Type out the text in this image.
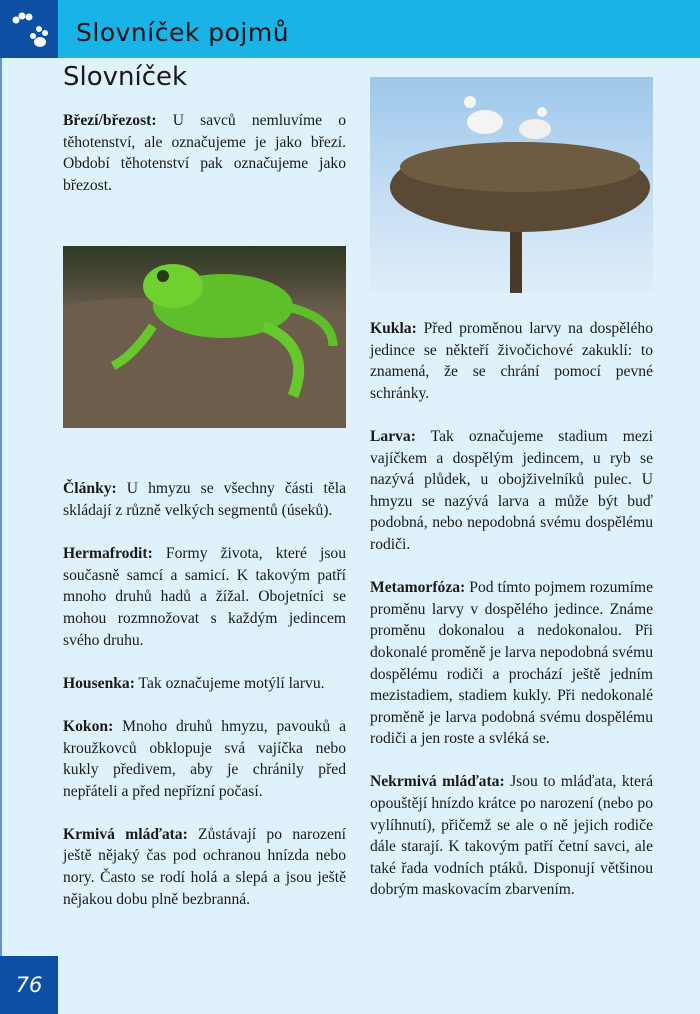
Slovníček pojmů
Slovníček

Březí/březost: U savců nemluvíme o těhotenství, ale označujeme je jako březí. Období těhotenství pak označujeme jako březost.

Články: U hmyzu se všechny části těla skládají z různě velkých segmentů (úseků).

Hermafrodit: Formy života, které jsou současně samcí a samicí. K takovým patří mnoho druhů hadů a žížal. Obojetníci se mohou rozmnožovat s každým jedincem svého druhu.

Housenka: Tak označujeme motýlí larvu.

Kokon: Mnoho druhů hmyzu, pavouků a kroužkovců obklopuje svá vajíčka nebo kukly předivem, aby je chránily před nepřáteli a před nepřízní počasí.

Krmivá mláďata: Zůstávají po narození ještě nějaký čas pod ochranou hnízda nebo nory. Často se rodí holá a slepá a jsou ještě nějakou dobu plně bezbranná.

Kukla: Před proměnou larvy na dospělého jedince se někteří živočichové zakuklí: to znamená, že se chrání pomocí pevné schránky.

Larva: Tak označujeme stadium mezi vajíčkem a dospělým jedincem, u ryb se nazývá plůdek, u obojživelníků pulec. U hmyzu se nazývá larva a může být buď podobná, nebo nepodobná svému dospělému rodiči.

Metamorfóza: Pod tímto pojmem rozumíme proměnu larvy v dospělého jedince. Známe proměnu dokonalou a nedokonalou. Při dokonalé proměně je larva nepodobná svému dospělému rodiči a prochází ještě jedním mezistadiem, stadiem kukly. Při nedokonalé proměně je larva podobná svému dospělému rodiči a jen roste a svléká se.

Nekrmivá mláďata: Jsou to mláďata, která opouštějí hnízdo krátce po narození (nebo po vylíhnutí), přičemž se ale o ně jejich rodiče dále starají. K takovým patří četní savci, ale také řada vodních ptáků. Disponují většinou dobrým maskovacím zbarvením.

76
